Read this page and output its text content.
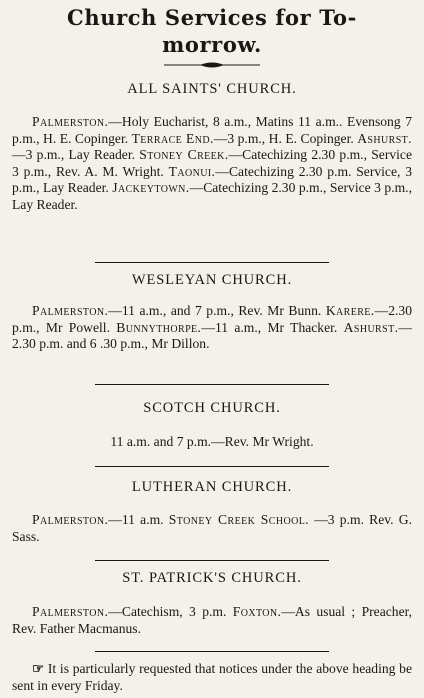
Church Services for To-
morrow.
ALL SAINTS' CHURCH.

Palmerston.—Holy Eucharist, 8 a.m., Matins 11 a.m.. Evensong 7 p.m., H. E. Copinger. Terrace End.—3 p.m., H. E. Copinger. Ashurst.—3 p.m., Lay Reader. Stoney Creek.—Catechizing 2.30 p.m., Service 3 p.m., Rev. A. M. Wright. Taonui.—Catechizing 2.30 p.m. Service, 3 p.m., Lay Reader. Jackeytown.—Catechizing 2.30 p.m., Service 3 p.m., Lay Reader.

WESLEYAN CHURCH.

Palmerston.—11 a.m., and 7 p.m., Rev. Mr Bunn. Karere.—2.30 p.m., Mr Powell. Bunnythorpe.—11 a.m., Mr Thacker. Ashurst.—2.30 p.m. and 6 .30 p.m., Mr Dillon.

SCOTCH CHURCH.

11 a.m. and 7 p.m.—Rev. Mr Wright.

LUTHERAN CHURCH.

Palmerston.—11 a.m. Stoney Creek School. —3 p.m. Rev. G. Sass.

ST. PATRICK'S CHURCH.

Palmerston.—Catechism, 3 p.m. Foxton.—As usual ; Preacher, Rev. Father Macmanus.

☞ It is particularly requested that notices under the above heading be sent in every Friday.
